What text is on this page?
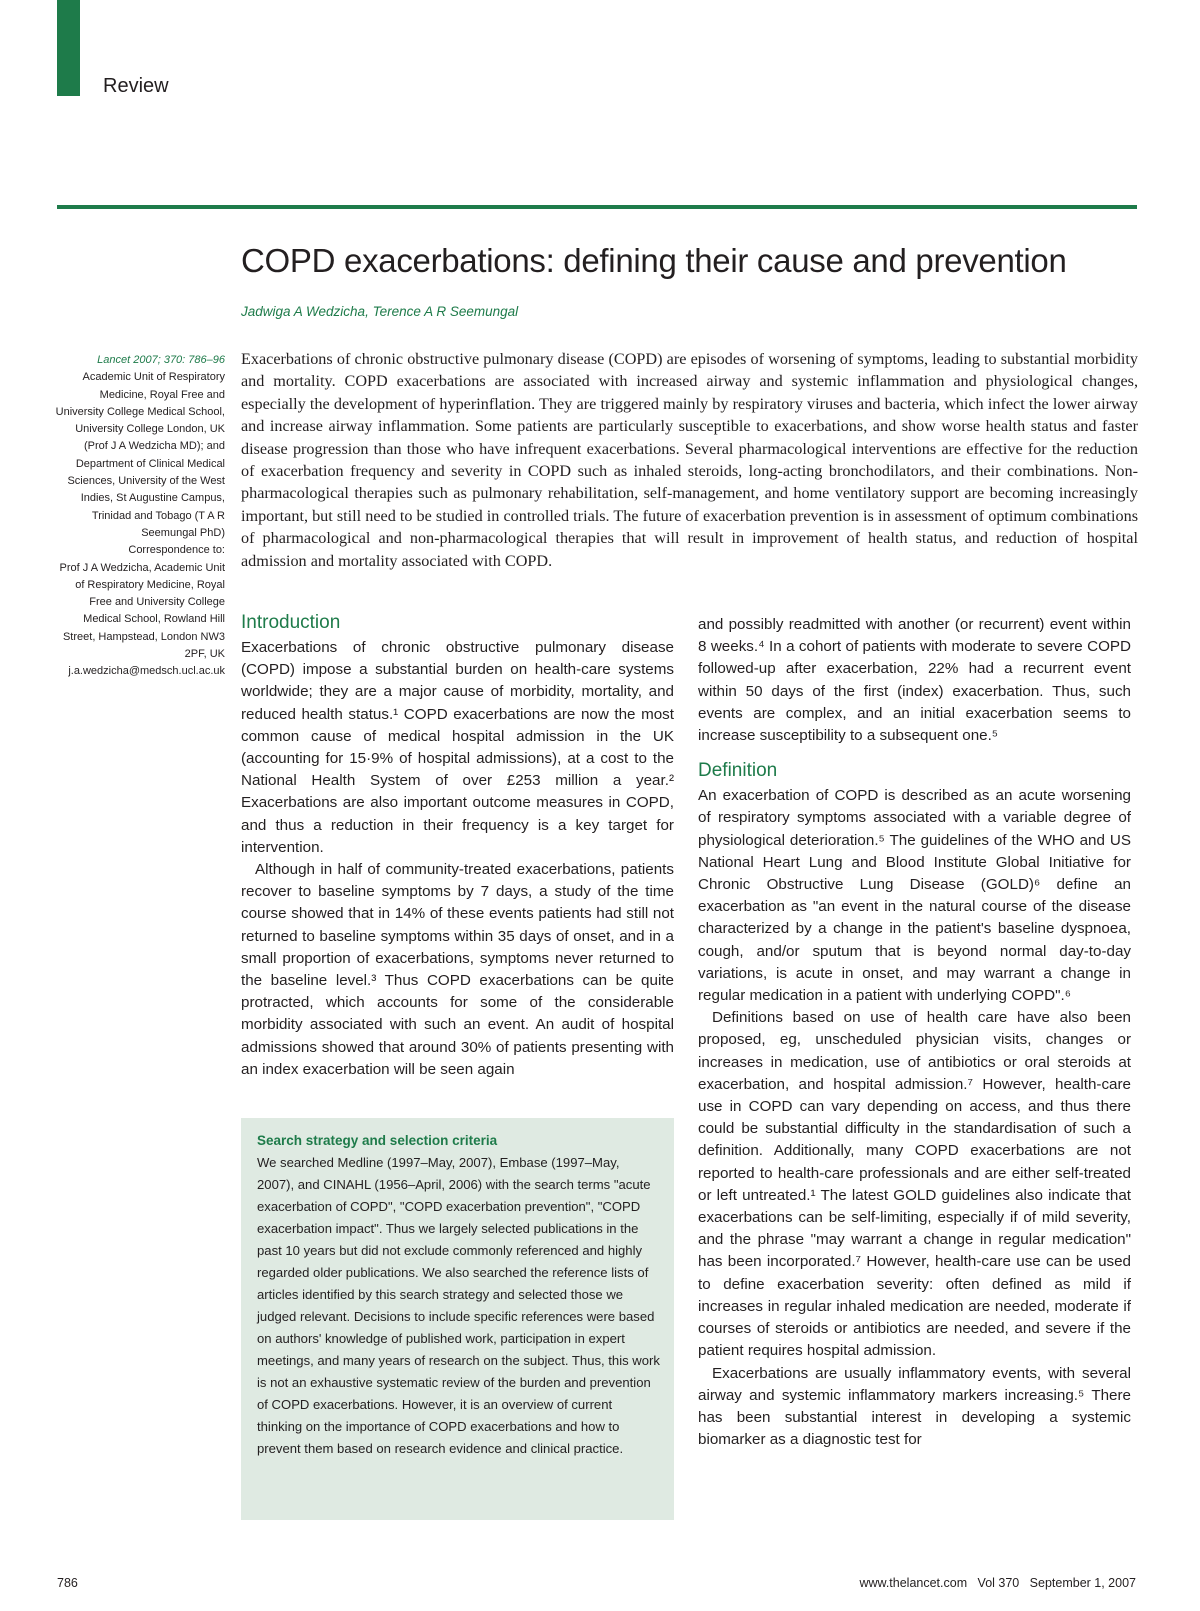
Review
COPD exacerbations: defining their cause and prevention
Jadwiga A Wedzicha, Terence A R Seemungal

Lancet 2007; 370: 786–96

Academic Unit of Respiratory Medicine, Royal Free and University College Medical School, University College London, UK (Prof J A Wedzicha MD); and Department of Clinical Medical Sciences, University of the West Indies, St Augustine Campus, Trinidad and Tobago (T A R Seemungal PhD)

Correspondence to:

Prof J A Wedzicha, Academic Unit of Respiratory Medicine, Royal Free and University College Medical School, Rowland Hill Street, Hampstead, London NW3 2PF, UK

j.a.wedzicha@medsch.ucl.ac.uk

Exacerbations of chronic obstructive pulmonary disease (COPD) are episodes of worsening of symptoms, leading to substantial morbidity and mortality. COPD exacerbations are associated with increased airway and systemic inflammation and physiological changes, especially the development of hyperinflation. They are triggered mainly by respiratory viruses and bacteria, which infect the lower airway and increase airway inflammation. Some patients are particularly susceptible to exacerbations, and show worse health status and faster disease progression than those who have infrequent exacerbations. Several pharmacological interventions are effective for the reduction of exacerbation frequency and severity in COPD such as inhaled steroids, long-acting bronchodilators, and their combinations. Non-pharmacological therapies such as pulmonary rehabilitation, self-management, and home ventilatory support are becoming increasingly important, but still need to be studied in controlled trials. The future of exacerbation prevention is in assessment of optimum combinations of pharmacological and non-pharmacological therapies that will result in improvement of health status, and reduction of hospital admission and mortality associated with COPD.
Introduction

Exacerbations of chronic obstructive pulmonary disease (COPD) impose a substantial burden on health-care systems worldwide; they are a major cause of morbidity, mortality, and reduced health status.¹ COPD exacerbations are now the most common cause of medical hospital admission in the UK (accounting for 15·9% of hospital admissions), at a cost to the National Health System of over £253 million a year.² Exacerbations are also important outcome measures in COPD, and thus a reduction in their frequency is a key target for intervention.

Although in half of community-treated exacerbations, patients recover to baseline symptoms by 7 days, a study of the time course showed that in 14% of these events patients had still not returned to baseline symptoms within 35 days of onset, and in a small proportion of exacerbations, symptoms never returned to the baseline level.³ Thus COPD exacerbations can be quite protracted, which accounts for some of the considerable morbidity associated with such an event. An audit of hospital admissions showed that around 30% of patients presenting with an index exacerbation will be seen again

Search strategy and selection criteria

We searched Medline (1997–May, 2007), Embase (1997–May, 2007), and CINAHL (1956–April, 2006) with the search terms "acute exacerbation of COPD", "COPD exacerbation prevention", "COPD exacerbation impact". Thus we largely selected publications in the past 10 years but did not exclude commonly referenced and highly regarded older publications. We also searched the reference lists of articles identified by this search strategy and selected those we judged relevant. Decisions to include specific references were based on authors' knowledge of published work, participation in expert meetings, and many years of research on the subject. Thus, this work is not an exhaustive systematic review of the burden and prevention of COPD exacerbations. However, it is an overview of current thinking on the importance of COPD exacerbations and how to prevent them based on research evidence and clinical practice.

and possibly readmitted with another (or recurrent) event within 8 weeks.⁴ In a cohort of patients with moderate to severe COPD followed-up after exacerbation, 22% had a recurrent event within 50 days of the first (index) exacerbation. Thus, such events are complex, and an initial exacerbation seems to increase susceptibility to a subsequent one.⁵

Definition

An exacerbation of COPD is described as an acute worsening of respiratory symptoms associated with a variable degree of physiological deterioration.⁵ The guidelines of the WHO and US National Heart Lung and Blood Institute Global Initiative for Chronic Obstructive Lung Disease (GOLD)⁶ define an exacerbation as "an event in the natural course of the disease characterized by a change in the patient's baseline dyspnoea, cough, and/or sputum that is beyond normal day-to-day variations, is acute in onset, and may warrant a change in regular medication in a patient with underlying COPD".⁶

Definitions based on use of health care have also been proposed, eg, unscheduled physician visits, changes or increases in medication, use of antibiotics or oral steroids at exacerbation, and hospital admission.⁷ However, health-care use in COPD can vary depending on access, and thus there could be substantial difficulty in the standardisation of such a definition. Additionally, many COPD exacerbations are not reported to health-care professionals and are either self-treated or left untreated.¹ The latest GOLD guidelines also indicate that exacerbations can be self-limiting, especially if of mild severity, and the phrase "may warrant a change in regular medication" has been incorporated.⁷ However, health-care use can be used to define exacerbation severity: often defined as mild if increases in regular inhaled medication are needed, moderate if courses of steroids or antibiotics are needed, and severe if the patient requires hospital admission.

Exacerbations are usually inflammatory events, with several airway and systemic inflammatory markers increasing.⁵ There has been substantial interest in developing a systemic biomarker as a diagnostic test for

786	www.thelancet.com   Vol 370   September 1, 2007
